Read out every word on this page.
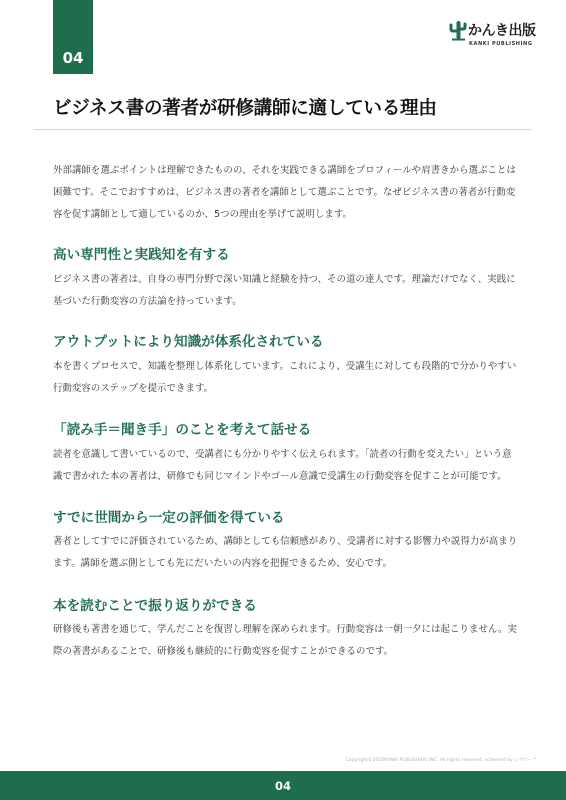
04
かんき出版
KANKI PUBLISHING
ビジネス書の著者が研修講師に適している理由

外部講師を選ぶポイントは理解できたものの、それを実践できる講師をプロフィールや肩書きから選ぶことは困難です。そこでおすすめは、ビジネス書の著者を講師として選ぶことです。なぜビジネス書の著者が行動変容を促す講師として適しているのか、5つの理由を挙げて説明します。

高い専門性と実践知を有する

ビジネス書の著者は、自身の専門分野で深い知識と経験を持つ、その道の達人です。理論だけでなく、実践に基づいた行動変容の方法論を持っています。

アウトプットにより知識が体系化されている

本を書くプロセスで、知識を整理し体系化しています。これにより、受講生に対しても段階的で分かりやすい行動変容のステップを提示できます。

「読み手＝聞き手」のことを考えて話せる

読者を意識して書いているので、受講者にも分かりやすく伝えられます。「読者の行動を変えたい」という意識で書かれた本の著者は、研修でも同じマインドやゴール意識で受講生の行動変容を促すことが可能です。

すでに世間から一定の評価を得ている

著者としてすでに評価されているため、講師としても信頼感があり、受講者に対する影響力や説得力が高まります。講師を選ぶ側としても先にだいたいの内容を把握できるため、安心です。

本を読むことで振り返りができる

研修後も著書を通じて、学んだことを復習し理解を深められます。行動変容は一朝一夕には起こりません。実際の著書があることで、研修後も継続的に行動変容を促すことができるのです。

Copyright©2025KANKI PUBLISHING INC. All rights reserved. schemed by レガピー™
04
